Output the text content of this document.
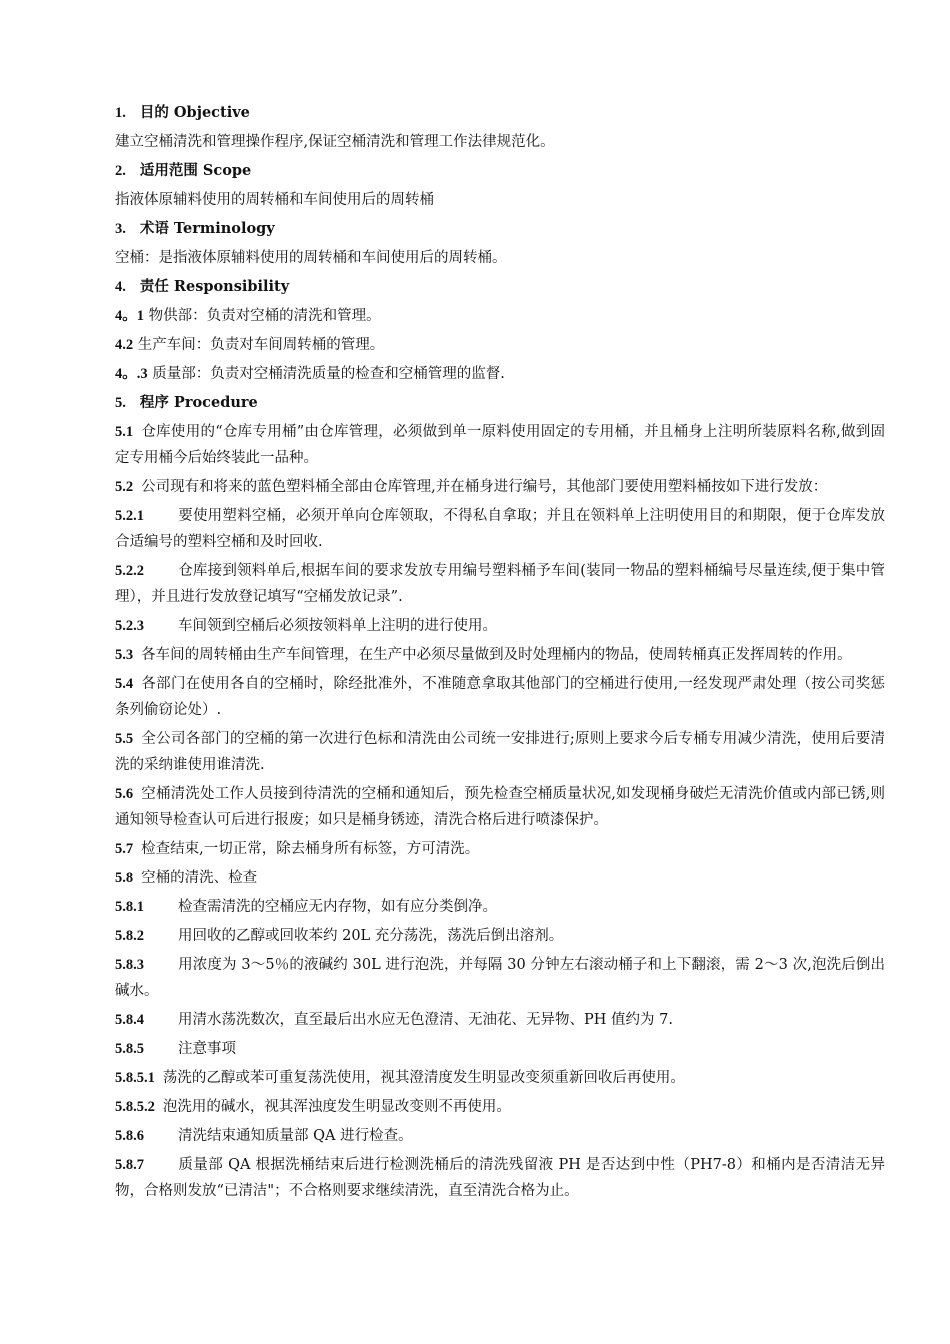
1. 目的 Objective
建立空桶清洗和管理操作程序,保证空桶清洗和管理工作法律规范化。
2. 适用范围 Scope
指液体原辅料使用的周转桶和车间使用后的周转桶
3. 术语 Terminology
空桶：是指液体原辅料使用的周转桶和车间使用后的周转桶。
4. 责任 Responsibility
4。1 物供部：负责对空桶的清洗和管理。
4.2 生产车间：负责对车间周转桶的管理。
4。.3 质量部：负责对空桶清洗质量的检查和空桶管理的监督.
5. 程序 Procedure
5.1 仓库使用的“仓库专用桶”由仓库管理，必须做到单一原料使用固定的专用桶，并且桶身上注明所装原料名称,做到固定专用桶今后始终装此一品种。
5.2 公司现有和将来的蓝色塑料桶全部由仓库管理,并在桶身进行编号，其他部门要使用塑料桶按如下进行发放：
5.2.1 要使用塑料空桶，必须开单向仓库领取，不得私自拿取；并且在领料单上注明使用目的和期限，便于仓库发放合适编号的塑料空桶和及时回收.
5.2.2 仓库接到领料单后,根据车间的要求发放专用编号塑料桶予车间(装同一物品的塑料桶编号尽量连续,便于集中管理），并且进行发放登记填写“空桶发放记录”.
5.2.3 车间领到空桶后必须按领料单上注明的进行使用。
5.3 各车间的周转桶由生产车间管理，在生产中必须尽量做到及时处理桶内的物品，使周转桶真正发挥周转的作用。
5.4 各部门在使用各自的空桶时，除经批准外，不准随意拿取其他部门的空桶进行使用,一经发现严肃处理（按公司奖惩条列偷窃论处）.
5.5 全公司各部门的空桶的第一次进行色标和清洗由公司统一安排进行;原则上要求今后专桶专用减少清洗，使用后要清洗的采纳谁使用谁清洗.
5.6 空桶清洗处工作人员接到待清洗的空桶和通知后，预先检查空桶质量状况,如发现桶身破烂无清洗价值或内部已锈,则通知领导检查认可后进行报废；如只是桶身锈迹，清洗合格后进行喷漆保护。
5.7 检查结束,一切正常，除去桶身所有标签，方可清洗。
5.8 空桶的清洗、检查
5.8.1 检查需清洗的空桶应无内存物，如有应分类倒净。
5.8.2 用回收的乙醇或回收苯约 20L 充分荡洗，荡洗后倒出溶剂。
5.8.3 用浓度为 3～5％的液碱约 30L 进行泡洗，并每隔 30 分钟左右滚动桶子和上下翻滚，需 2～3 次,泡洗后倒出碱水。
5.8.4 用清水荡洗数次，直至最后出水应无色澄清、无油花、无异物、PH 值约为 7.
5.8.5 注意事项
5.8.5.1 荡洗的乙醇或苯可重复荡洗使用，视其澄清度发生明显改变须重新回收后再使用。
5.8.5.2 泡洗用的碱水，视其浑浊度发生明显改变则不再使用。
5.8.6 清洗结束通知质量部 QA 进行检查。
5.8.7 质量部 QA 根据洗桶结束后进行检测洗桶后的清洗残留液 PH 是否达到中性（PH7-8）和桶内是否清洁无异物，合格则发放“已清洁"；不合格则要求继续清洗，直至清洗合格为止。
